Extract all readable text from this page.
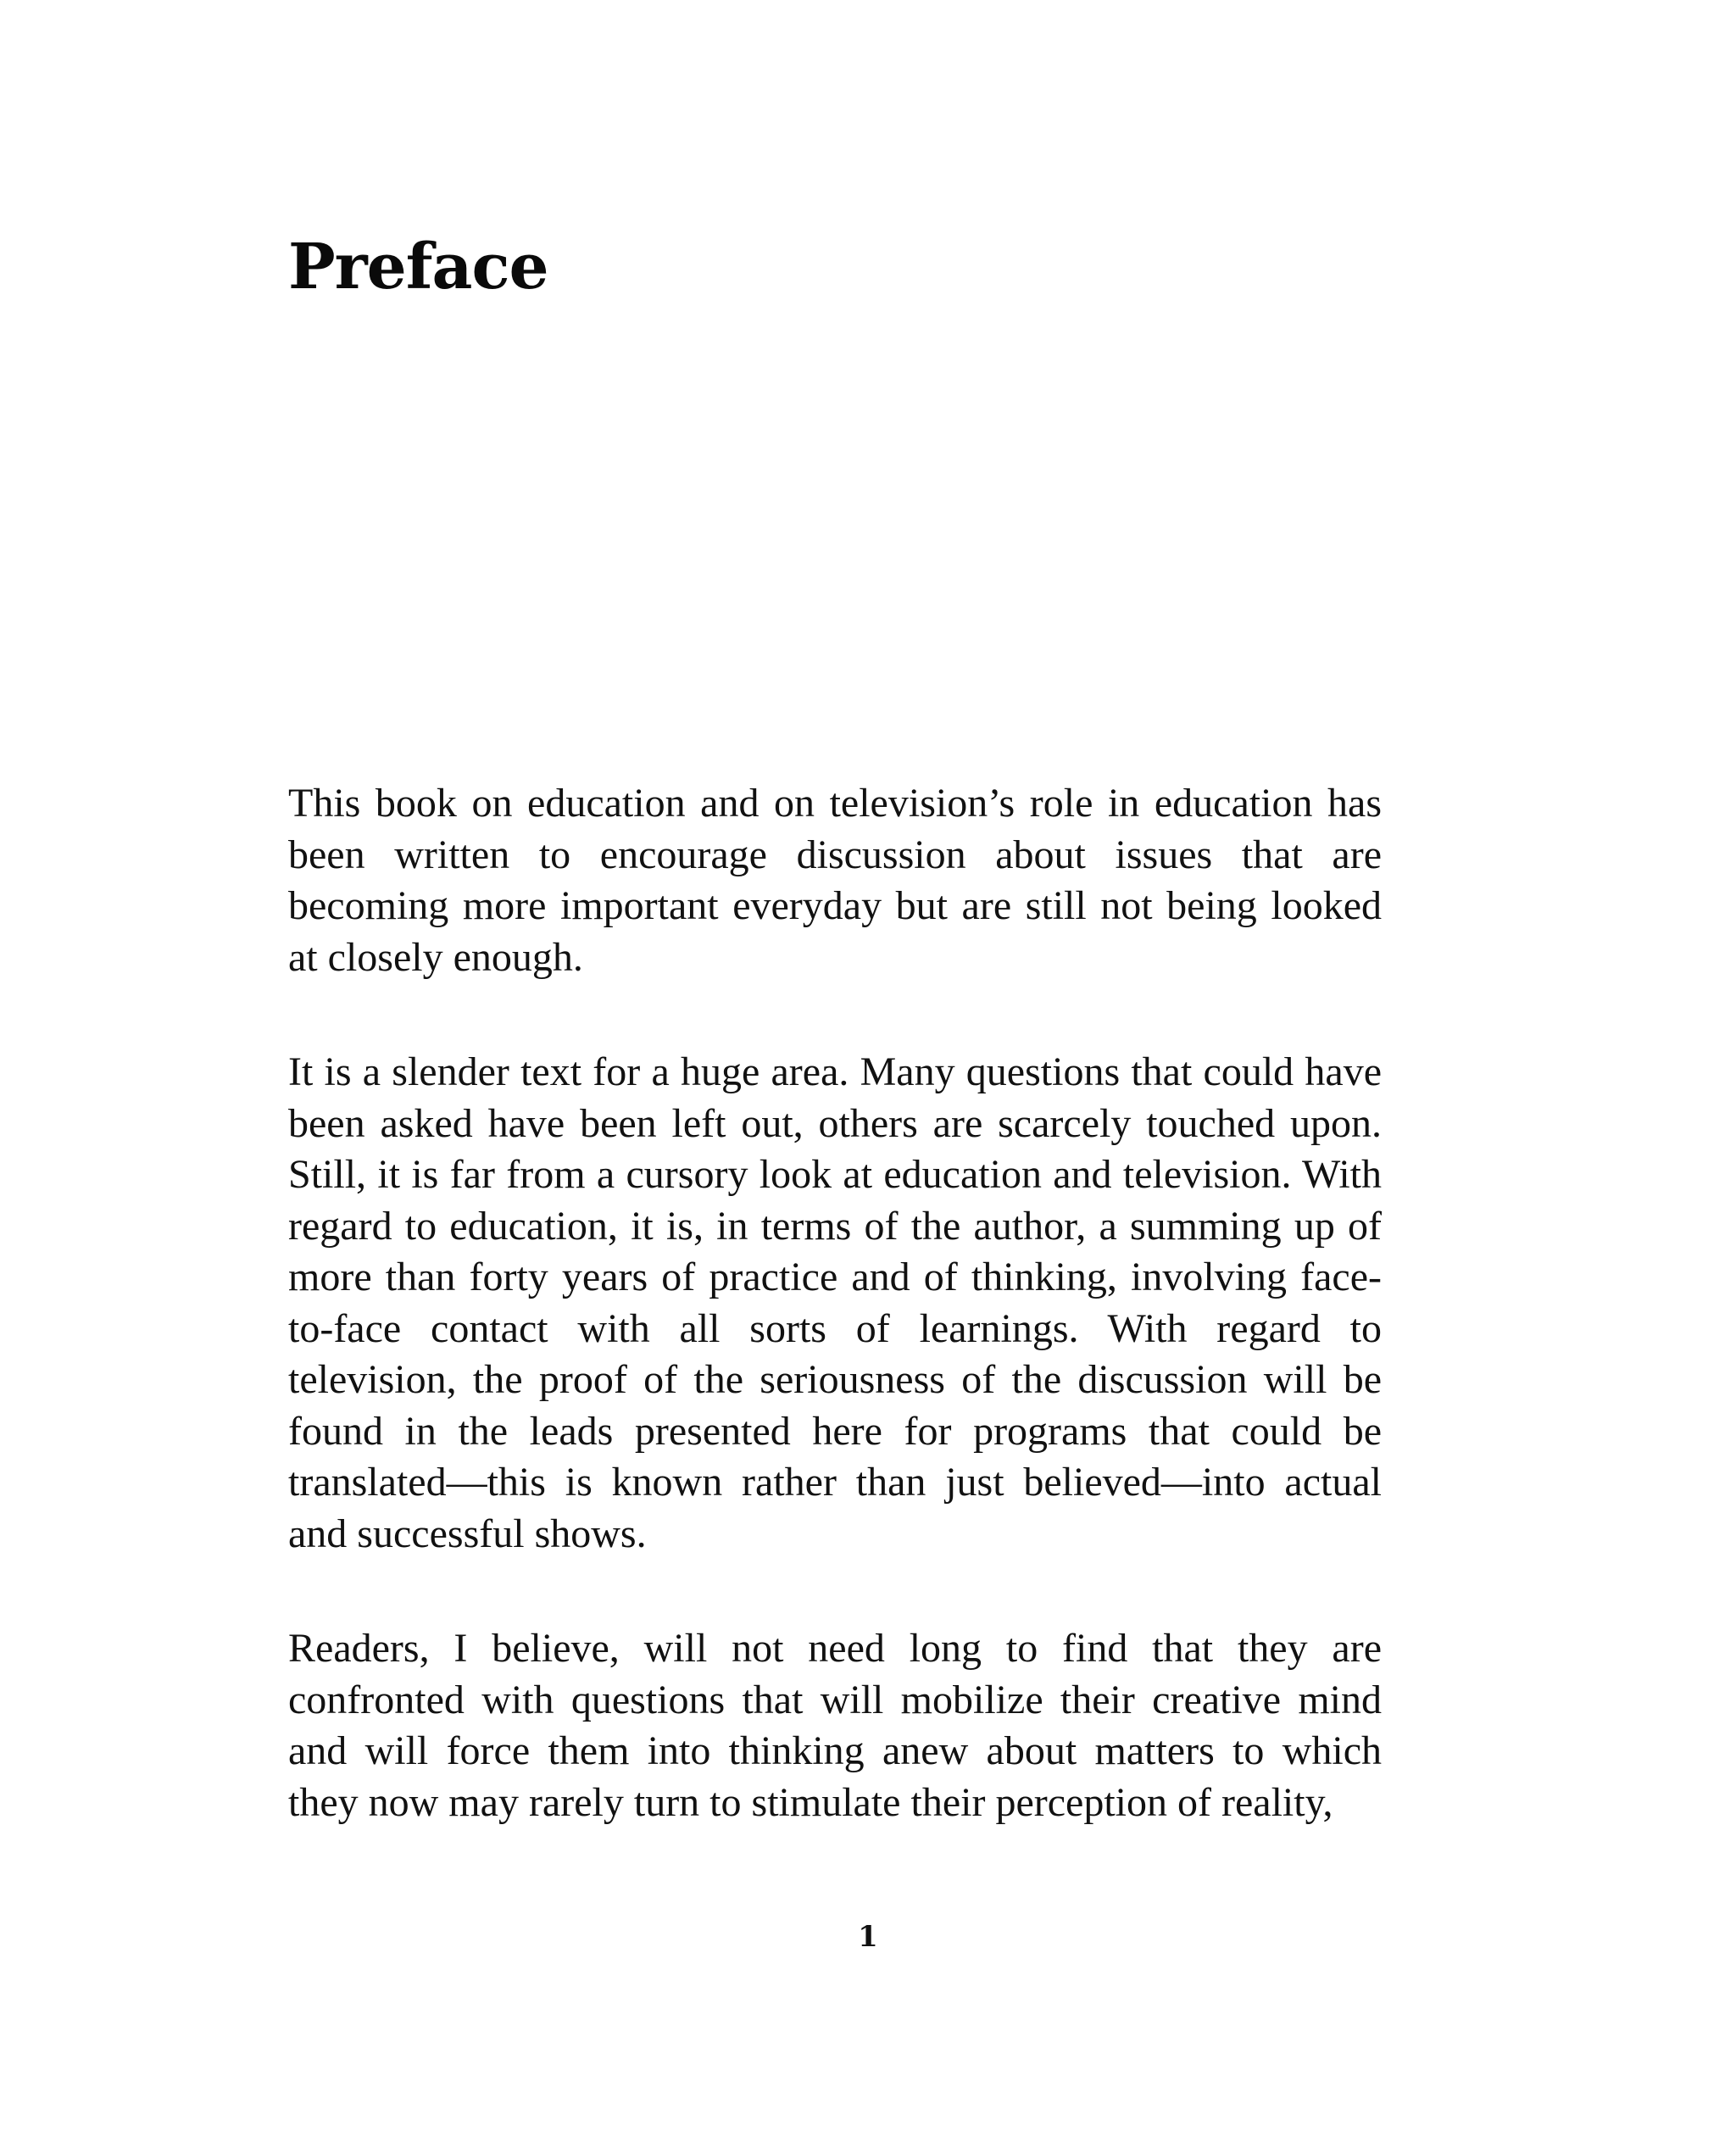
Preface

This book on education and on television’s role in education has been written to encourage discussion about issues that are becoming more important everyday but are still not being looked at closely enough.

It is a slender text for a huge area. Many questions that could have been asked have been left out, others are scarcely touched upon. Still, it is far from a cursory look at education and television. With regard to education, it is, in terms of the author, a summing up of more than forty years of practice and of thinking, involving face-to-face contact with all sorts of learnings. With regard to television, the proof of the seriousness of the discussion will be found in the leads presented here for programs that could be translated—this is known rather than just believed—into actual and successful shows.

Readers, I believe, will not need long to find that they are confronted with questions that will mobilize their creative mind and will force them into thinking anew about matters to which they now may rarely turn to stimulate their perception of reality,

1
